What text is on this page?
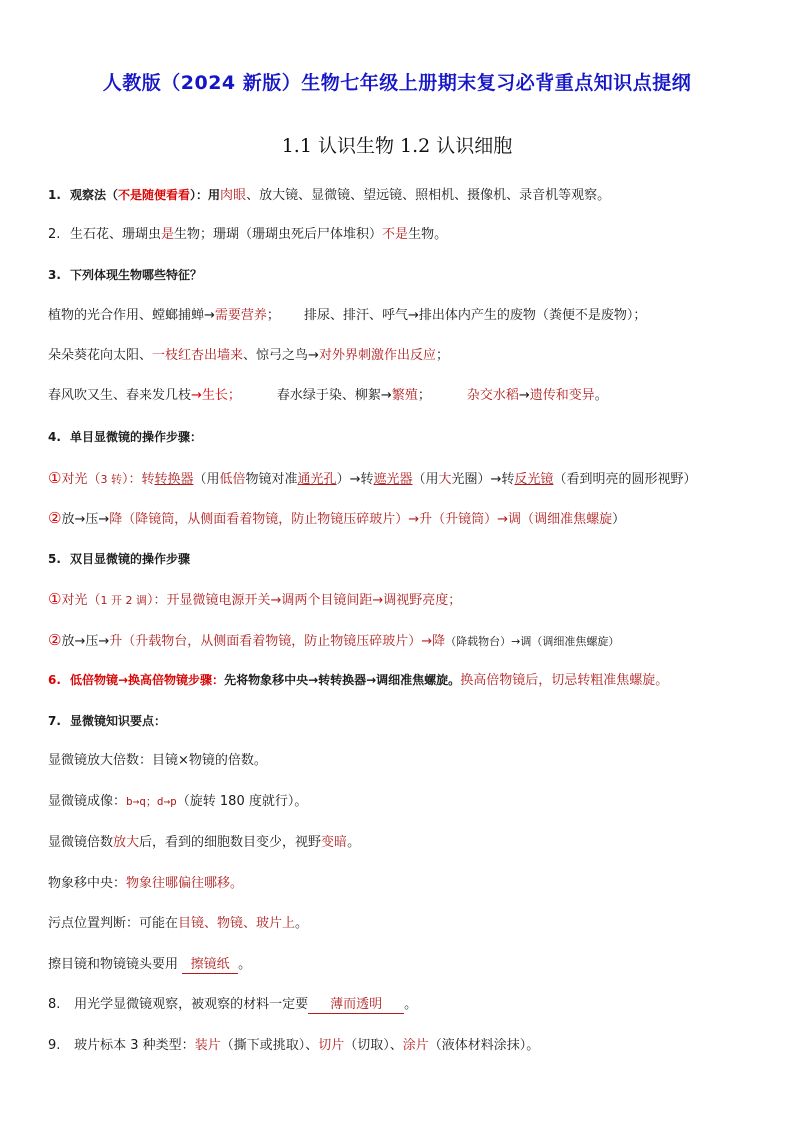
人教版（2024 新版）生物七年级上册期末复习必背重点知识点提纲
1.1 认识生物 1.2 认识细胞
1. 观察法（不是随便看看）：用肉眼、放大镜、显微镜、望远镜、照相机、摄像机、录音机等观察。
2. 生石花、珊瑚虫是生物；珊瑚（珊瑚虫死后尸体堆积）不是生物。
3. 下列体现生物哪些特征？
植物的光合作用、螳螂捕蝉→需要营养； 排尿、排汗、呼气→排出体内产生的废物（粪便不是废物）；
朵朵葵花向太阳、一枝红杏出墙来、惊弓之鸟→对外界刺激作出反应；
春风吹又生、春来发几枝→生长；	春水绿于染、柳絮→繁殖；	杂交水稻→遗传和变异。
4. 单目显微镜的操作步骤：
①对光（3 转）：转转换器（用低倍物镜对准通光孔）→转遮光器（用大光圈）→转反光镜（看到明亮的圆形视野）
②放→压→降（降镜筒，从侧面看着物镜，防止物镜压碎玻片）→升（升镜筒）→调（调细准焦螺旋）
5. 双目显微镜的操作步骤
①对光（1 开 2 调）：开显微镜电源开关→调两个目镜间距→调视野亮度；
②放→压→升（升载物台，从侧面看着物镜，防止物镜压碎玻片）→降（降载物台）→调（调细准焦螺旋）
6. 低倍物镜→换高倍物镜步骤：先将物象移中央→转转换器→调细准焦螺旋。换高倍物镜后，切忌转粗准焦螺旋。
7. 显微镜知识要点：
显微镜放大倍数：目镜×物镜的倍数。
显微镜成像：b→q；d→p（旋转 180 度就行）。
显微镜倍数放大后，看到的细胞数目变少，视野变暗。
物象移中央：物象往哪偏往哪移。
污点位置判断：可能在目镜、物镜、玻片上。
擦目镜和物镜镜头要用 擦镜纸 。
8. 用光学显微镜观察，被观察的材料一定要 薄而透明 。
9. 玻片标本 3 种类型：装片（撕下或挑取）、切片（切取）、涂片（液体材料涂抹）。
